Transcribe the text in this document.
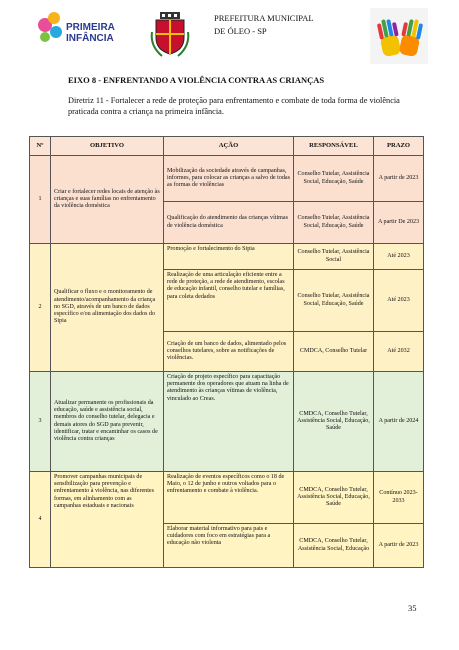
PRIMEIRA
INFÂNCIA
PREFEITURA MUNICIPAL
DE ÓLEO - SP
EIXO 8 - ENFRENTANDO A VIOLÊNCIA CONTRA AS CRIANÇAS
Diretriz 11 - Fortalecer a rede de proteção para enfrentamento e combate de toda forma de violência praticada contra a criança na primeira infância.
Nº	OBJETIVO	AÇÃO	RESPONSÁVEL	PRAZO
1	Criar e fortalecer redes locais de atenção às crianças e suas famílias no enfrentamento da violência doméstica	Mobilização da sociedade através de campanhas, informes, para colocar as crianças a salvo de todas as formas de violências	Conselho Tutelar, Assistência Social, Educação, Saúde	A partir de 2023
		Qualificação do atendimento das crianças vítimas de violência doméstica	Conselho Tutelar, Assistência Social, Educação, Saúde	A partir De 2023
2	Qualificar o fluxo e o monitoramento de atendimento/acompanhamento da criança no SGD, através de um banco de dados específico e/ou alimentação dos dados do Sipia	Promoção e fortalecimento do Sipia	Conselho Tutelar, Assistência Social	Até 2023
		Realização de uma articulação eficiente entre a rede de proteção, a rede de atendimento, escolas de educação infantil, conselho tutelar e famílias, para coleta dedados	Conselho Tutelar, Assistência Social, Educação, Saúde	Até 2023
		Criação de um banco de dados, alimentado pelos conselhos tutelares, sobre as notificações de violências.	CMDCA, Conselho Tutelar	Até 2032
3	Atualizar permanente os profissionais da educação, saúde e assistência social, membros do conselho tutelar, delegacia e demais atores do SGD para prevenir, identificar, tratar e encaminhar os casos de violência contra crianças	Criação de projeto específico para capacitação permanente dos operadores que atuam na linha de atendimento às crianças vítimas de violência, vinculado ao Creas.	CMDCA, Conselho Tutelar, Assistência Social, Educação, Saúde	A partir de 2024
4	Promover campanhas municipais de sensibilização para prevenção e enfrentamento à violência, nas diferentes formas, em alinhamento com as campanhas estaduais e nacionais	Realização de eventos específicos como o 18 de Maio, o 12 de junho e outros voltados para o enfrentamento e combate à violência.	CMDCA, Conselho Tutelar, Assistência Social, Educação, Saúde	Contínuo 2023-2033
		Elaborar material informativo para pais e cuidadores com foco em estratégias para a educação não violenta	CMDCA, Conselho Tutelar, Assistência Social, Educação	A partir de 2023
35
